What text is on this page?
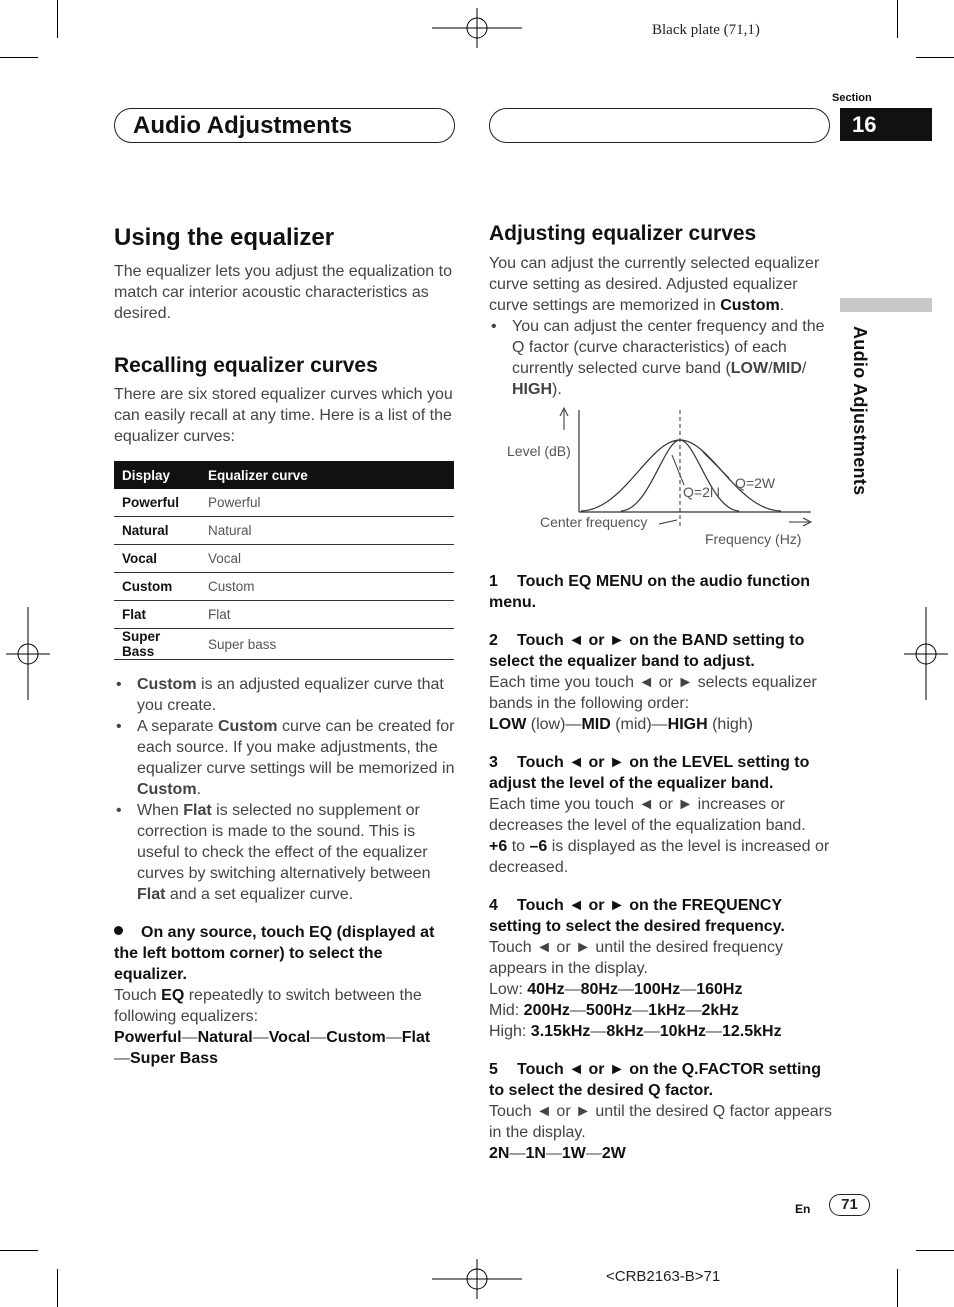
Black plate (71,1)
Audio Adjustments
Section
16
Audio Adjustments
Using the equalizer

The equalizer lets you adjust the equalization to match car interior acoustic characteristics as desired.

Recalling equalizer curves

There are six stored equalizer curves which you can easily recall at any time. Here is a list of the equalizer curves:

Display	Equalizer curve
Powerful	Powerful
Natural	Natural
Vocal	Vocal
Custom	Custom
Flat	Flat
Super Bass	Super bass
• Custom is an adjusted equalizer curve that you create.
• A separate Custom curve can be created for each source. If you make adjustments, the equalizer curve settings will be memorized in Custom.
• When Flat is selected no supplement or correction is made to the sound. This is useful to check the effect of the equalizer curves by switching alternatively between Flat and a set equalizer curve.

On any source, touch EQ (displayed at the left bottom corner) to select the equalizer.

Touch EQ repeatedly to switch between the following equalizers:

Powerful—Natural—Vocal—Custom—Flat
—Super Bass

Adjusting equalizer curves

You can adjust the currently selected equalizer curve setting as desired. Adjusted equalizer curve settings are memorized in Custom.

• You can adjust the center frequency and the Q factor (curve characteristics) of each currently selected curve band (LOW/MID/
HIGH).
Level (dB)
Center frequency
Frequency (Hz)
Q=2N
Q=2W

1 Touch EQ MENU on the audio function menu.

2 Touch ◄ or ► on the BAND setting to select the equalizer band to adjust.

Each time you touch ◄ or ► selects equalizer bands in the following order:

LOW (low)—MID (mid)—HIGH (high)

3 Touch ◄ or ► on the LEVEL setting to adjust the level of the equalizer band.

Each time you touch ◄ or ► increases or decreases the level of the equalization band.

+6 to –6 is displayed as the level is increased or decreased.

4 Touch ◄ or ► on the FREQUENCY setting to select the desired frequency.

Touch ◄ or ► until the desired frequency appears in the display.

Low: 40Hz—80Hz—100Hz—160Hz

Mid: 200Hz—500Hz—1kHz—2kHz

High: 3.15kHz—8kHz—10kHz—12.5kHz

5 Touch ◄ or ► on the Q.FACTOR setting to select the desired Q factor.

Touch ◄ or ► until the desired Q factor appears in the display.

2N—1N—1W—2W

En	71
<CRB2163-B>71
